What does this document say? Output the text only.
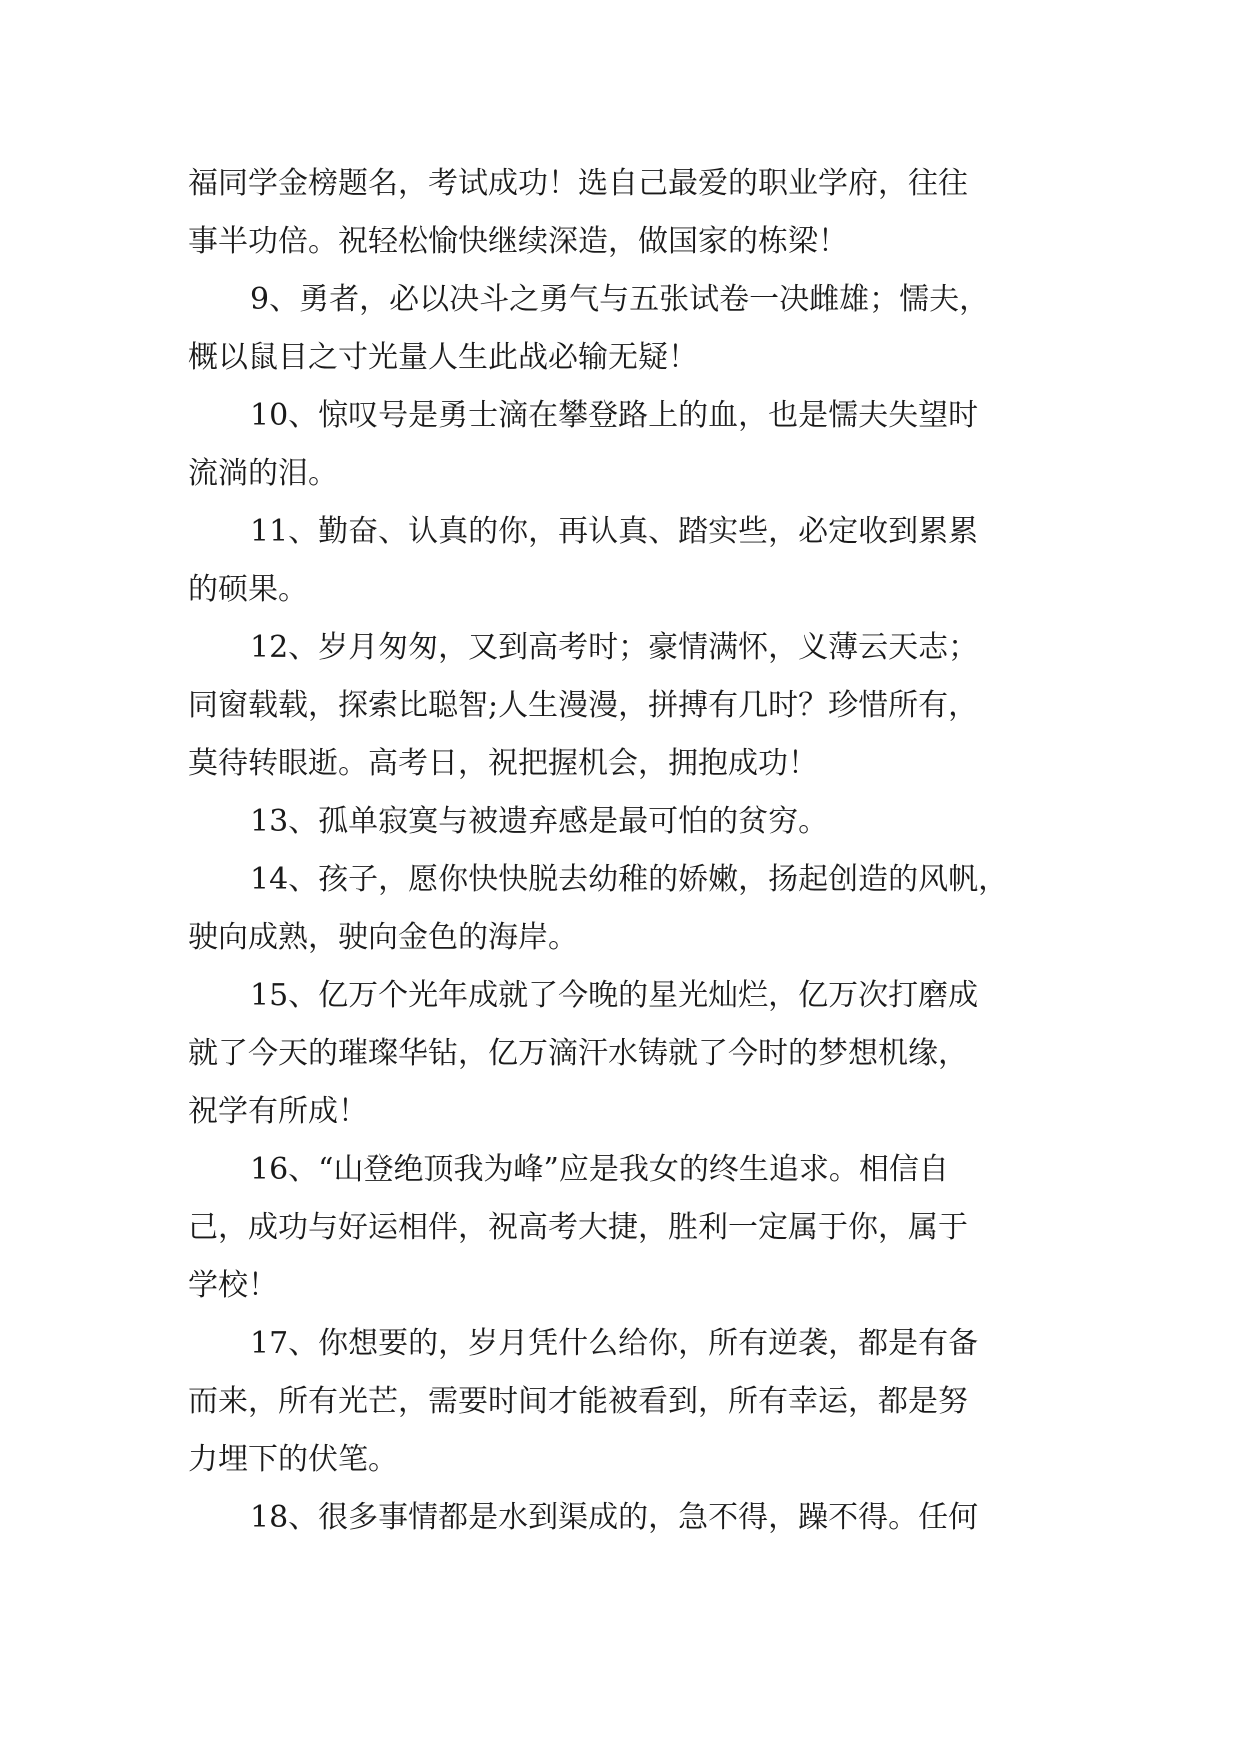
福同学金榜题名，考试成功！选自己最爱的职业学府，往往
事半功倍。祝轻松愉快继续深造，做国家的栋梁！
9、勇者，必以决斗之勇气与五张试卷一决雌雄；懦夫，
概以鼠目之寸光量人生此战必输无疑！
10、惊叹号是勇士滴在攀登路上的血，也是懦夫失望时
流淌的泪。
11、勤奋、认真的你，再认真、踏实些，必定收到累累
的硕果。
12、岁月匆匆，又到高考时；豪情满怀，义薄云天志；
同窗载载，探索比聪智;人生漫漫，拼搏有几时？珍惜所有，
莫待转眼逝。高考日，祝把握机会，拥抱成功！
13、孤单寂寞与被遗弃感是最可怕的贫穷。
14、孩子，愿你快快脱去幼稚的娇嫩，扬起创造的风帆，
驶向成熟，驶向金色的海岸。
15、亿万个光年成就了今晚的星光灿烂，亿万次打磨成
就了今天的璀璨华钻，亿万滴汗水铸就了今时的梦想机缘，
祝学有所成！
16、“山登绝顶我为峰”应是我女的终生追求。相信自
己，成功与好运相伴，祝高考大捷，胜利一定属于你，属于
学校！
17、你想要的，岁月凭什么给你，所有逆袭，都是有备
而来，所有光芒，需要时间才能被看到，所有幸运，都是努
力埋下的伏笔。
18、很多事情都是水到渠成的，急不得，躁不得。任何
